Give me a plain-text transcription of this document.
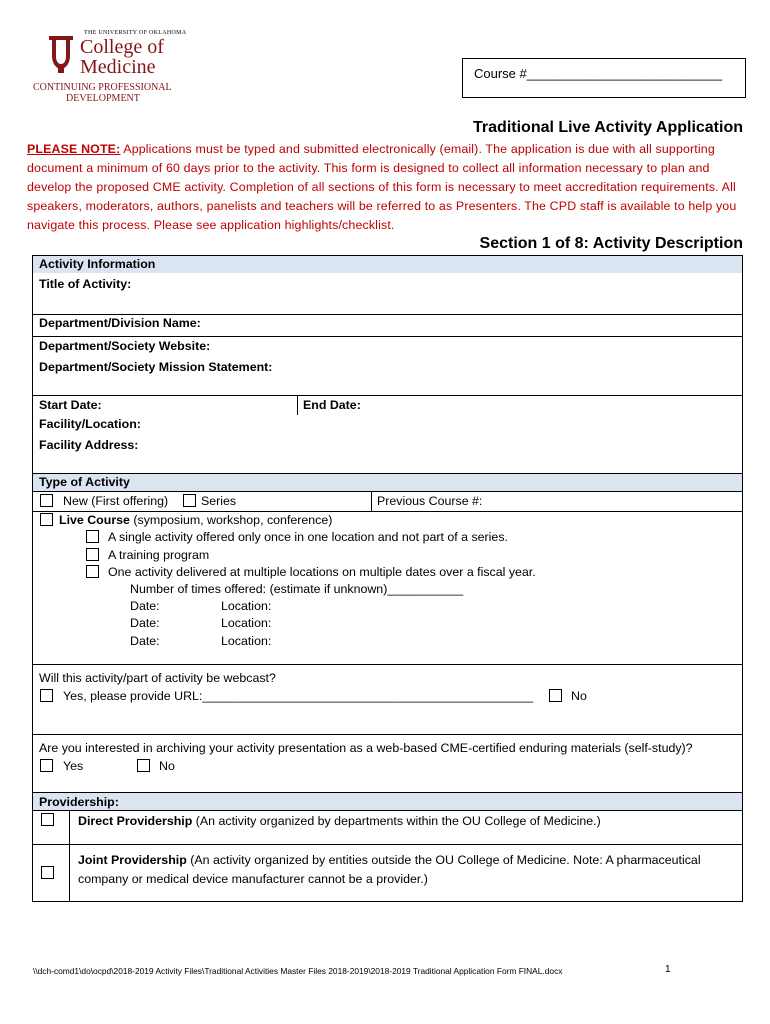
THE UNIVERSITY OF OKLAHOMA
College of
Medicine
CONTINUING PROFESSIONAL
DEVELOPMENT
Course #___________________________
Traditional Live Activity Application
PLEASE NOTE: Applications must be typed and submitted electronically (email). The application is due with all supporting document a minimum of 60 days prior to the activity. This form is designed to collect all information necessary to plan and develop the proposed CME activity. Completion of all sections of this form is necessary to meet accreditation requirements. All speakers, moderators, authors, panelists and teachers will be referred to as Presenters. The CPD staff is available to help you navigate this process. Please see application highlights/checklist.
Section 1 of 8: Activity Description
Activity Information
Title of Activity:
Department/Division Name:
Department/Society Website:
Department/Society Mission Statement:
Start Date:	End Date:
Facility/Location:
Facility Address:
Type of Activity
New (First offering)	Series	Previous Course #:
Live Course (symposium, workshop, conference)
A single activity offered only once in one location and not part of a series.
A training program
One activity delivered at multiple locations on multiple dates over a fiscal year.
Number of times offered: (estimate if unknown)___________
Date:	Location:
Date:	Location:
Date:	Location:
Will this activity/part of activity be webcast?
Yes, please provide URL:________________________________________________	No
Are you interested in archiving your activity presentation as a web-based CME-certified enduring materials (self-study)?
Yes	No
Providership:
Direct Providership (An activity organized by departments within the OU College of Medicine.)
Joint Providership (An activity organized by entities outside the OU College of Medicine. Note: A pharmaceutical company or medical device manufacturer cannot be a provider.)
\\dch-comd1\do\ocpd\2018-2019 Activity Files\Traditional Activities Master Files 2018-2019\2018-2019 Traditional Application Form FINAL.docx	1
